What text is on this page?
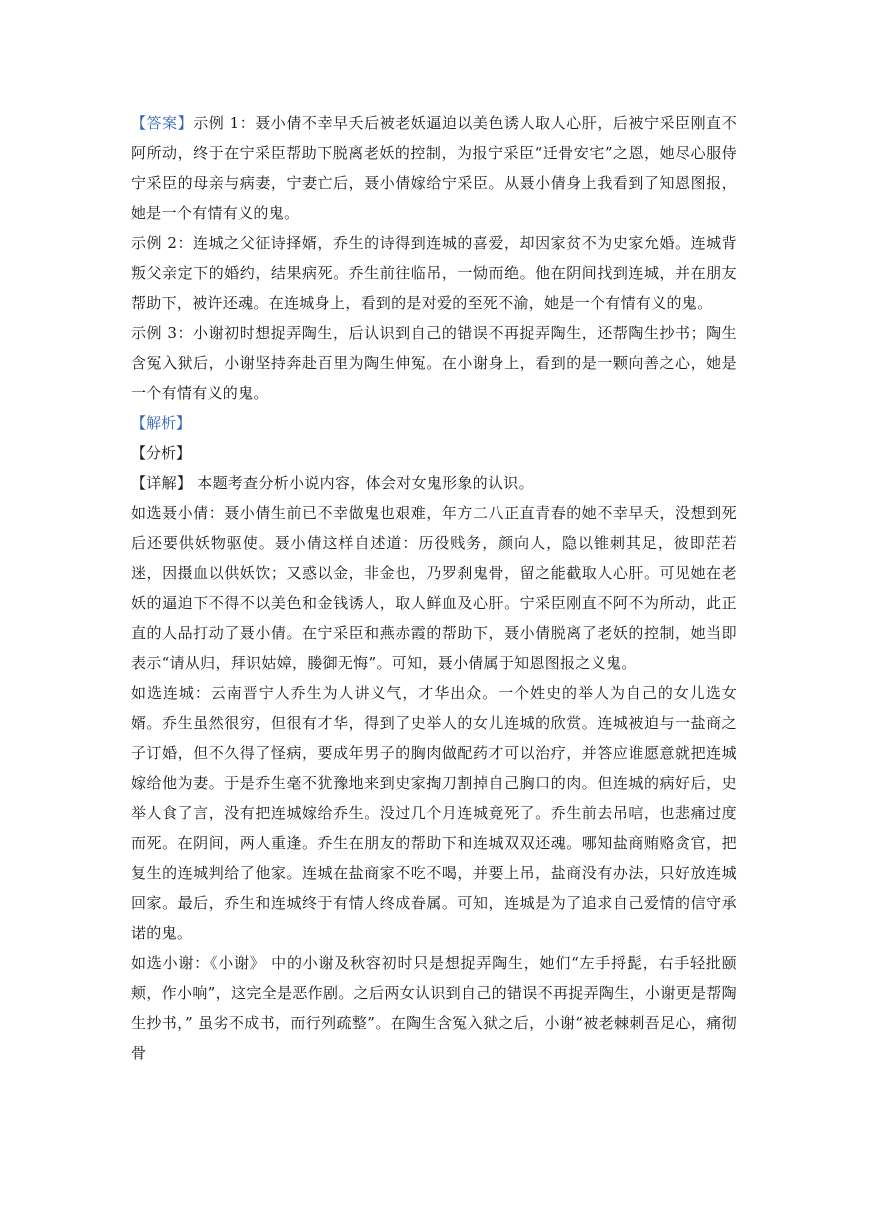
【答案】示例 1：聂小倩不幸早夭后被老妖逼迫以美色诱人取人心肝，后被宁采臣刚直不阿所动，终于在宁采臣帮助下脱离老妖的控制，为报宁采臣“迁骨安宅”之恩，她尽心服侍宁采臣的母亲与病妻，宁妻亡后，聂小倩嫁给宁采臣。从聂小倩身上我看到了知恩图报，她是一个有情有义的鬼。

示例 2：连城之父征诗择婿，乔生的诗得到连城的喜爱，却因家贫不为史家允婚。连城背叛父亲定下的婚约，结果病死。乔生前往临吊，一恸而绝。他在阴间找到连城，并在朋友帮助下，被许还魂。在连城身上，看到的是对爱的至死不渝，她是一个有情有义的鬼。

示例 3：小谢初时想捉弄陶生，后认识到自己的错误不再捉弄陶生，还帮陶生抄书；陶生含冤入狱后，小谢坚持奔赴百里为陶生伸冤。在小谢身上，看到的是一颗向善之心，她是一个有情有义的鬼。

【解析】

【分析】

【详解】 本题考查分析小说内容，体会对女鬼形象的认识。

如选聂小倩：聂小倩生前已不幸做鬼也艰难，年方二八正直青春的她不幸早夭，没想到死后还要供妖物驱使。聂小倩这样自述道：历役贱务，颜向人，隐以锥刺其足，彼即茫若迷，因摄血以供妖饮；又惑以金，非金也，乃罗刹鬼骨，留之能截取人心肝。可见她在老妖的逼迫下不得不以美色和金钱诱人，取人鲜血及心肝。宁采臣刚直不阿不为所动，此正直的人品打动了聂小倩。在宁采臣和燕赤霞的帮助下，聂小倩脱离了老妖的控制，她当即表示“请从归，拜识姑嫜，媵御无悔”。可知，聂小倩属于知恩图报之义鬼。

如选连城：云南晋宁人乔生为人讲义气，才华出众。一个姓史的举人为自己的女儿选女婿。乔生虽然很穷，但很有才华，得到了史举人的女儿连城的欣赏。连城被迫与一盐商之子订婚，但不久得了怪病，要成年男子的胸肉做配药才可以治疗，并答应谁愿意就把连城嫁给他为妻。于是乔生毫不犹豫地来到史家掏刀割掉自己胸口的肉。但连城的病好后，史举人食了言，没有把连城嫁给乔生。没过几个月连城竟死了。乔生前去吊唁，也悲痛过度而死。在阴间，两人重逢。乔生在朋友的帮助下和连城双双还魂。哪知盐商贿赂贪官，把复生的连城判给了他家。连城在盐商家不吃不喝，并要上吊，盐商没有办法，只好放连城回家。最后，乔生和连城终于有情人终成眷属。可知，连城是为了追求自己爱情的信守承诺的鬼。

如选小谢：《小谢》 中的小谢及秋容初时只是想捉弄陶生，她们“左手捋髭，右手轻批颐颊，作小响”，这完全是恶作剧。之后两女认识到自己的错误不再捉弄陶生，小谢更是帮陶生抄书，” 虽劣不成书，而行列疏整”。在陶生含冤入狱之后，小谢“被老棘刺吾足心，痛彻骨
